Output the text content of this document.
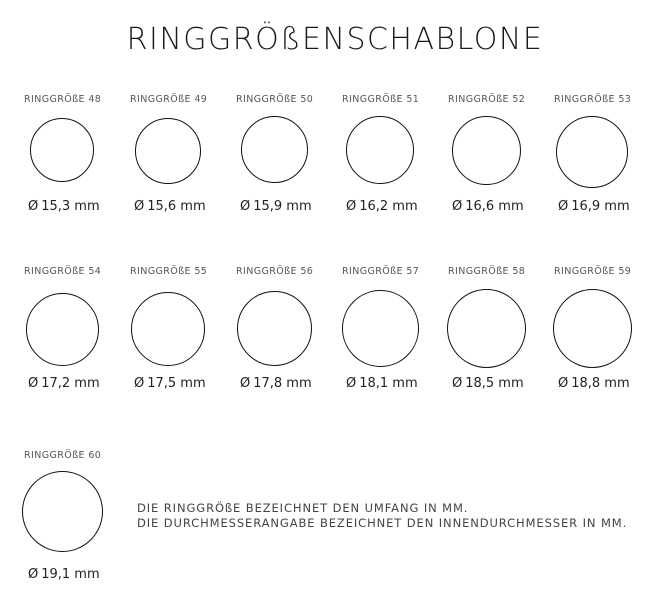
RINGGRÖßENSCHABLONE
RINGGRÖßE 48
Ø 15,3 mm
RINGGRÖßE 49
Ø 15,6 mm
RINGGRÖßE 50
Ø 15,9 mm
RINGGRÖßE 51
Ø 16,2 mm
RINGGRÖßE 52
Ø 16,6 mm
RINGGRÖßE 53
Ø 16,9 mm
RINGGRÖßE 54
Ø 17,2 mm
RINGGRÖßE 55
Ø 17,5 mm
RINGGRÖßE 56
Ø 17,8 mm
RINGGRÖßE 57
Ø 18,1 mm
RINGGRÖßE 58
Ø 18,5 mm
RINGGRÖßE 59
Ø 18,8 mm
RINGGRÖßE 60
Ø 19,1 mm
DIE RINGGRÖßE BEZEICHNET DEN UMFANG IN MM.
DIE DURCHMESSERANGABE BEZEICHNET DEN INNENDURCHMESSER IN MM.
